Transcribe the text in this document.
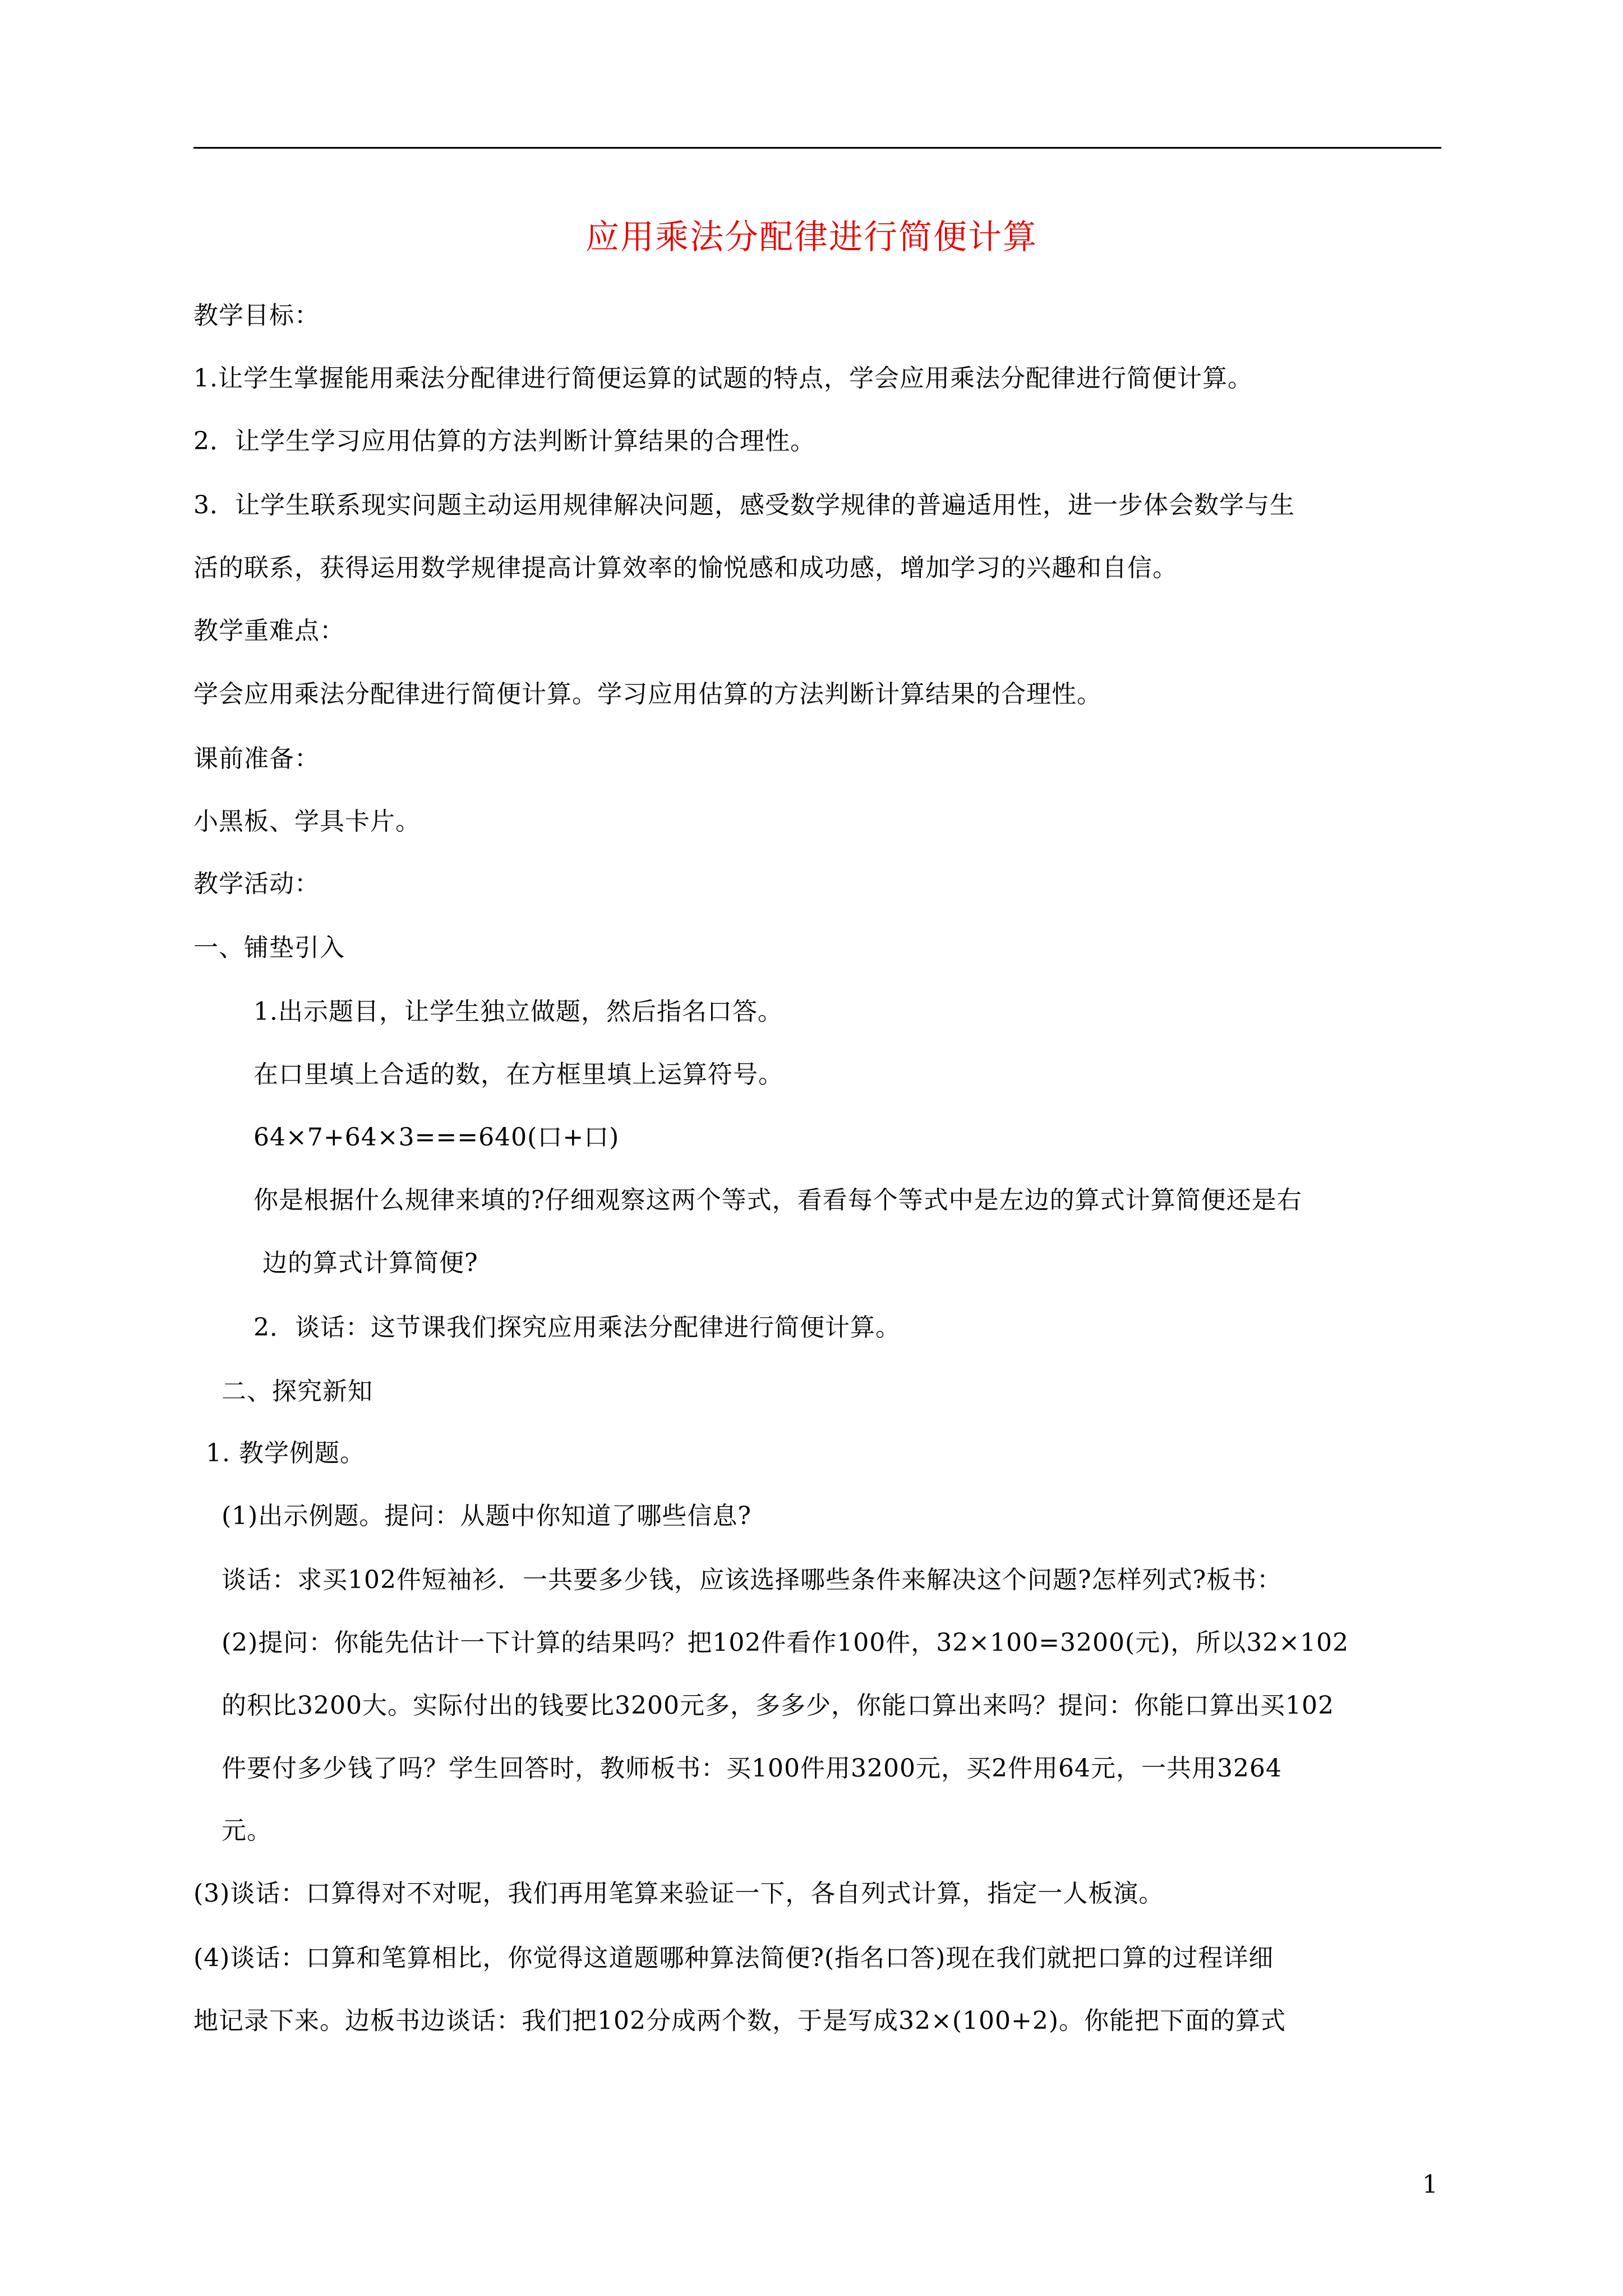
应用乘法分配律进行简便计算
教学目标：
1.让学生掌握能用乘法分配律进行简便运算的试题的特点，学会应用乘法分配律进行简便计算。
2．让学生学习应用估算的方法判断计算结果的合理性。
3．让学生联系现实问题主动运用规律解决问题，感受数学规律的普遍适用性，进一步体会数学与生
活的联系，获得运用数学规律提高计算效率的愉悦感和成功感，增加学习的兴趣和自信。
教学重难点：
学会应用乘法分配律进行简便计算。学习应用估算的方法判断计算结果的合理性。
课前准备：
小黑板、学具卡片。
教学活动：
一、铺垫引入
1.出示题目，让学生独立做题，然后指名口答。
在口里填上合适的数，在方框里填上运算符号。
64×7+64×3===640(口+口)
你是根据什么规律来填的?仔细观察这两个等式，看看每个等式中是左边的算式计算简便还是右
边的算式计算简便?
2．谈话：这节课我们探究应用乘法分配律进行简便计算。
二、探究新知
1. 教学例题。
(1)出示例题。提问：从题中你知道了哪些信息?
谈话：求买102件短袖衫．一共要多少钱，应该选择哪些条件来解决这个问题?怎样列式?板书：
(2)提问：你能先估计一下计算的结果吗？把102件看作100件，32×100=3200(元)，所以32×102
的积比3200大。实际付出的钱要比3200元多，多多少，你能口算出来吗？提问：你能口算出买102
件要付多少钱了吗？学生回答时，教师板书：买100件用3200元，买2件用64元，一共用3264
元。
(3)谈话：口算得对不对呢，我们再用笔算来验证一下，各自列式计算，指定一人板演。
(4)谈话：口算和笔算相比，你觉得这道题哪种算法简便?(指名口答)现在我们就把口算的过程详细
地记录下来。边板书边谈话：我们把102分成两个数，于是写成32×(100+2)。你能把下面的算式
1
